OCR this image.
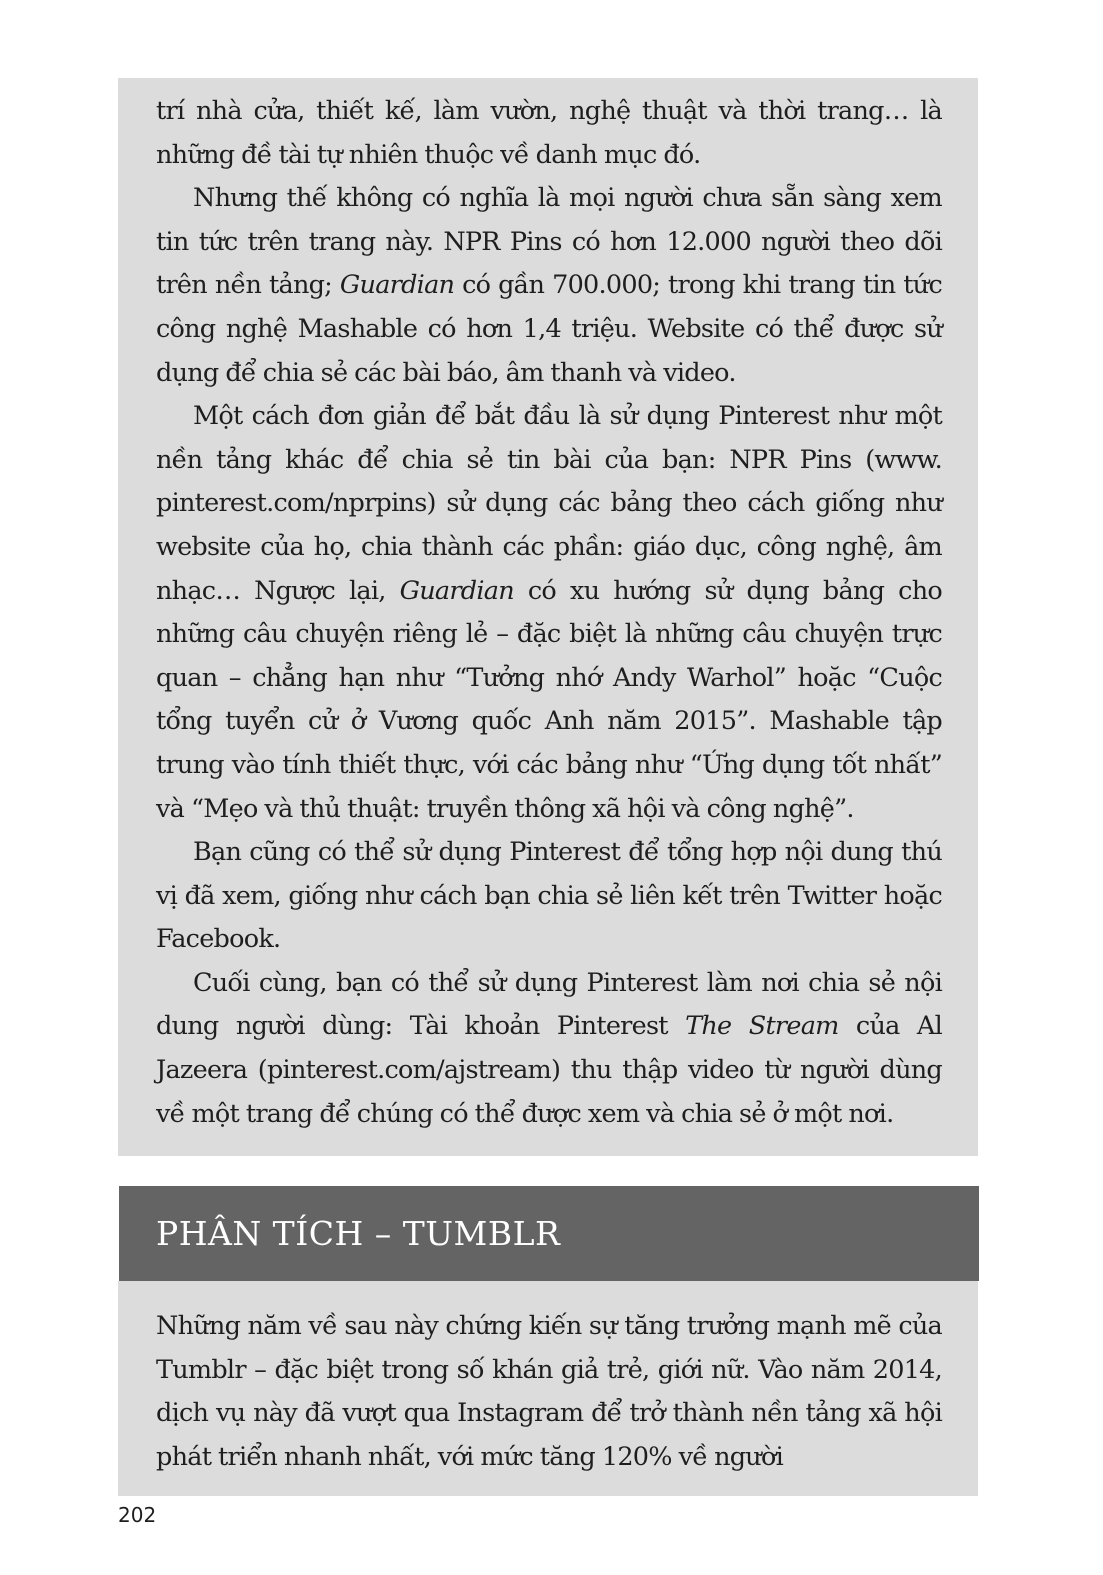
trí nhà cửa, thiết kế, làm vườn, nghệ thuật và thời trang… là những đề tài tự nhiên thuộc về danh mục đó.

Nhưng thế không có nghĩa là mọi người chưa sẵn sàng xem tin tức trên trang này. NPR Pins có hơn 12.000 người theo dõi trên nền tảng; Guardian có gần 700.000; trong khi trang tin tức công nghệ Mashable có hơn 1,4 triệu. Website có thể được sử dụng để chia sẻ các bài báo, âm thanh và video.

Một cách đơn giản để bắt đầu là sử dụng Pinterest như một nền tảng khác để chia sẻ tin bài của bạn: NPR Pins (www. pinterest.com/nprpins) sử dụng các bảng theo cách giống như website của họ, chia thành các phần: giáo dục, công nghệ, âm nhạc… Ngược lại, Guardian có xu hướng sử dụng bảng cho những câu chuyện riêng lẻ – đặc biệt là những câu chuyện trực quan – chẳng hạn như “Tưởng nhớ Andy Warhol” hoặc “Cuộc tổng tuyển cử ở Vương quốc Anh năm 2015”. Mashable tập trung vào tính thiết thực, với các bảng như “Ứng dụng tốt nhất” và “Mẹo và thủ thuật: truyền thông xã hội và công nghệ”.

Bạn cũng có thể sử dụng Pinterest để tổng hợp nội dung thú vị đã xem, giống như cách bạn chia sẻ liên kết trên Twitter hoặc Facebook.

Cuối cùng, bạn có thể sử dụng Pinterest làm nơi chia sẻ nội dung người dùng: Tài khoản Pinterest The Stream của Al Jazeera (pinterest.com/ajstream) thu thập video từ người dùng về một trang để chúng có thể được xem và chia sẻ ở một nơi.

PHÂN TÍCH – TUMBLR

Những năm về sau này chứng kiến sự tăng trưởng mạnh mẽ của Tumblr – đặc biệt trong số khán giả trẻ, giới nữ. Vào năm 2014, dịch vụ này đã vượt qua Instagram để trở thành nền tảng xã hội phát triển nhanh nhất, với mức tăng 120% về người

202
